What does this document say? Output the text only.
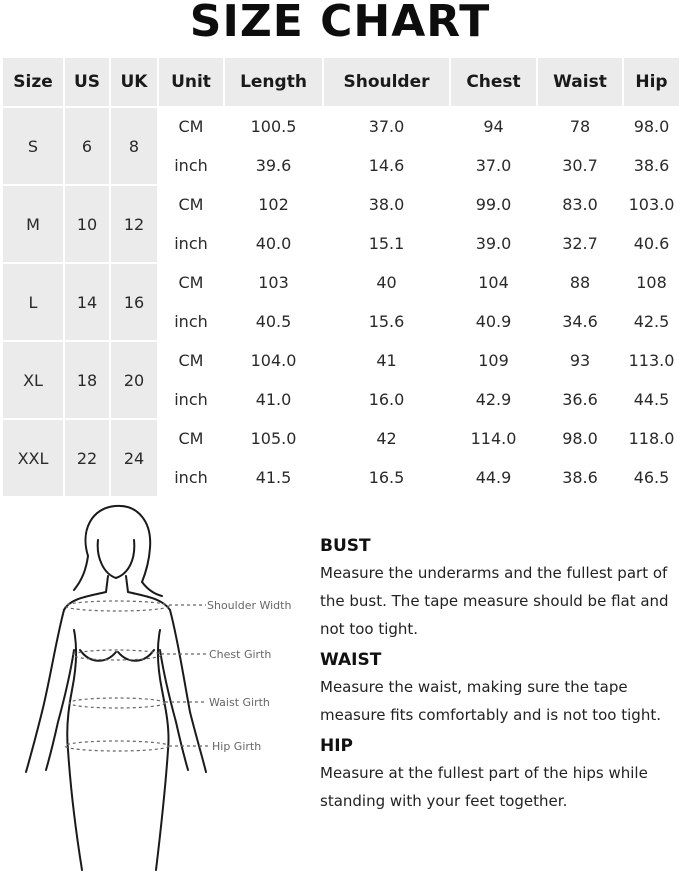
SIZE CHART
Size	US	UK	Unit	Length	Shoulder	Chest	Waist	Hip
S	6	8	CM	100.5	37.0	94	78	98.0
			inch	39.6	14.6	37.0	30.7	38.6
M	10	12	CM	102	38.0	99.0	83.0	103.0
			inch	40.0	15.1	39.0	32.7	40.6
L	14	16	CM	103	40	104	88	108
			inch	40.5	15.6	40.9	34.6	42.5
XL	18	20	CM	104.0	41	109	93	113.0
			inch	41.0	16.0	42.9	36.6	44.5
XXL	22	24	CM	105.0	42	114.0	98.0	118.0
			inch	41.5	16.5	44.9	38.6	46.5
Shoulder Width
Chest Girth
Waist Girth
Hip Girth
BUST

Measure the underarms and the fullest part of the bust. The tape measure should be flat and not too tight.

WAIST

Measure the waist, making sure the tape measure fits comfortably and is not too tight.

HIP

Measure at the fullest part of the hips while standing with your feet together.
